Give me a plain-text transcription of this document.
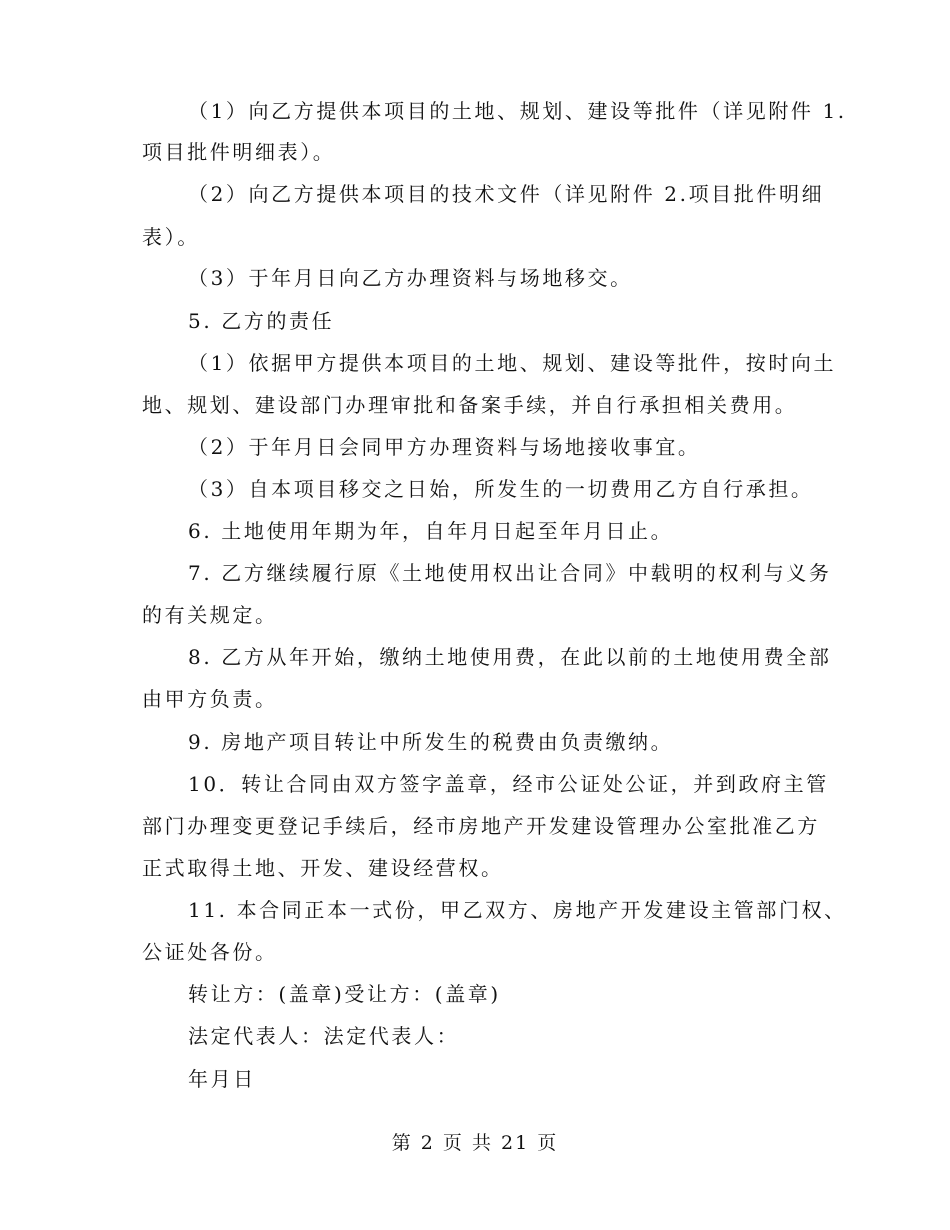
（1）向乙方提供本项目的土地、规划、建设等批件（详见附件 1.
项目批件明细表）。
（2）向乙方提供本项目的技术文件（详见附件 2.项目批件明细
表）。
（3）于年月日向乙方办理资料与场地移交。
5. 乙方的责任
（1）依据甲方提供本项目的土地、规划、建设等批件，按时向土
地、规划、建设部门办理审批和备案手续，并自行承担相关费用。
（2）于年月日会同甲方办理资料与场地接收事宜。
（3）自本项目移交之日始，所发生的一切费用乙方自行承担。
6. 土地使用年期为年，自年月日起至年月日止。
7. 乙方继续履行原《土地使用权出让合同》中载明的权利与义务
的有关规定。
8. 乙方从年开始，缴纳土地使用费，在此以前的土地使用费全部
由甲方负责。
9. 房地产项目转让中所发生的税费由负责缴纳。
10．转让合同由双方签字盖章，经市公证处公证，并到政府主管
部门办理变更登记手续后，经市房地产开发建设管理办公室批准乙方
正式取得土地、开发、建设经营权。
11. 本合同正本一式份，甲乙双方、房地产开发建设主管部门权、
公证处各份。
转让方：(盖章)受让方：(盖章)
法定代表人：法定代表人：
年月日
第 2 页 共 21 页
